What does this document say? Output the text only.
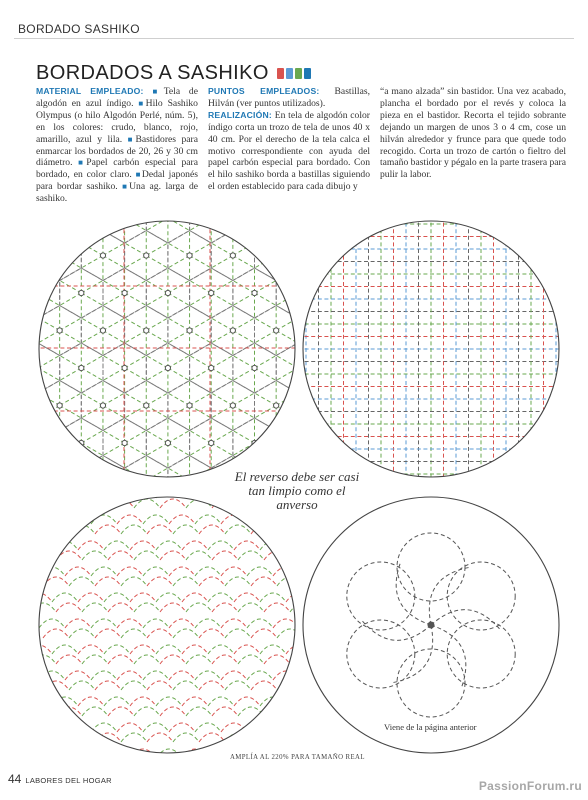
BORDADO SASHIKO
BORDADOS A SASHIKO
MATERIAL EMPLEADO: ■Tela de algodón en azul índigo. ■Hilo Sashiko Olympus (o hilo Algodón Perlé, núm. 5), en los colores: crudo, blanco, rojo, amarillo, azul y lila. ■Bastidores para enmarcar los bordados de 20, 26 y 30 cm diámetro. ■Papel carbón especial para bordado, en color claro. ■Dedal japonés para bordar sashiko. ■Una ag. larga de sashiko.
PUNTOS EMPLEADOS: Bastillas, Hilván (ver puntos utilizados).
REALIZACIÓN: En tela de algodón color índigo corta un trozo de tela de unos 40 x 40 cm. Por el derecho de la tela calca el motivo correspondiente con ayuda del papel carbón especial para bordado. Con el hilo sashiko borda a bastillas siguiendo el orden establecido para cada dibujo y
“a mano alzada” sin bastidor. Una vez acabado, plancha el bordado por el revés y coloca la pieza en el bastidor. Recorta el tejido sobrante dejando un margen de unos 3 o 4 cm, cose un hilván alrededor y frunce para que quede todo recogido. Corta un trozo de cartón o fieltro del tamaño bastidor y pégalo en la parte trasera para pulir la labor.
El reverso debe ser casi tan limpio como el anverso
Viene de la página anterior
AMPLÍA AL 220% PARA TAMAÑO REAL
44 LABORES DEL HOGAR	PassionForum.ru
